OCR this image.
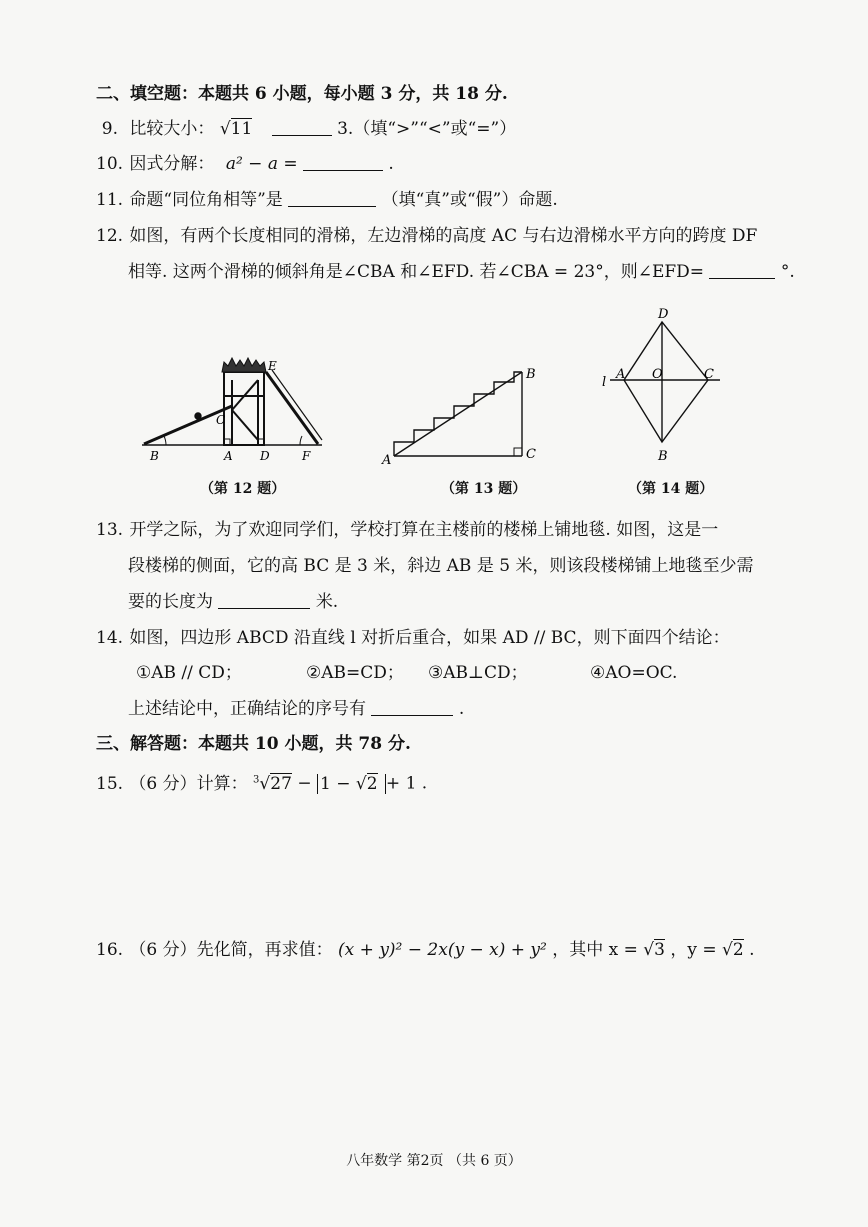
二、填空题：本题共 6 小题，每小题 3 分，共 18 分.
9. 比较大小： √11	3.（填“>”“<”或“=”）
10. 因式分解： a² − a =	.
11. 命题“同位角相等”是	（填“真”或“假”）命题.
12. 如图，有两个长度相同的滑梯，左边滑梯的高度 AC 与右边滑梯水平方向的跨度 DF
相等. 这两个滑梯的倾斜角是∠CBA 和∠EFD. 若∠CBA = 23°，则∠EFD=	°.
B	A D	F
C
E
（第 12 题）
A
B
C
（第 13 题）
D
A O	C
B
l
（第 14 题）
13. 开学之际，为了欢迎同学们，学校打算在主楼前的楼梯上铺地毯. 如图，这是一
段楼梯的侧面，它的高 BC 是 3 米，斜边 AB 是 5 米，则该段楼梯铺上地毯至少需
要的长度为	米.
14. 如图，四边形 ABCD 沿直线 l 对折后重合，如果 AD // BC，则下面四个结论：
①AB // CD；	②AB=CD； ③AB⊥CD；	④AO=OC.
上述结论中，正确结论的序号有	.
三、解答题：本题共 10 小题，共 78 分.
15. （6 分）计算： $^3$√27 − 1 − √2 + 1 .
16. （6 分）先化简，再求值： (x + y)² − 2x(y − x) + y² ，其中 x = √3 ，y = √2 .
八年数学 第2页 （共 6 页）
